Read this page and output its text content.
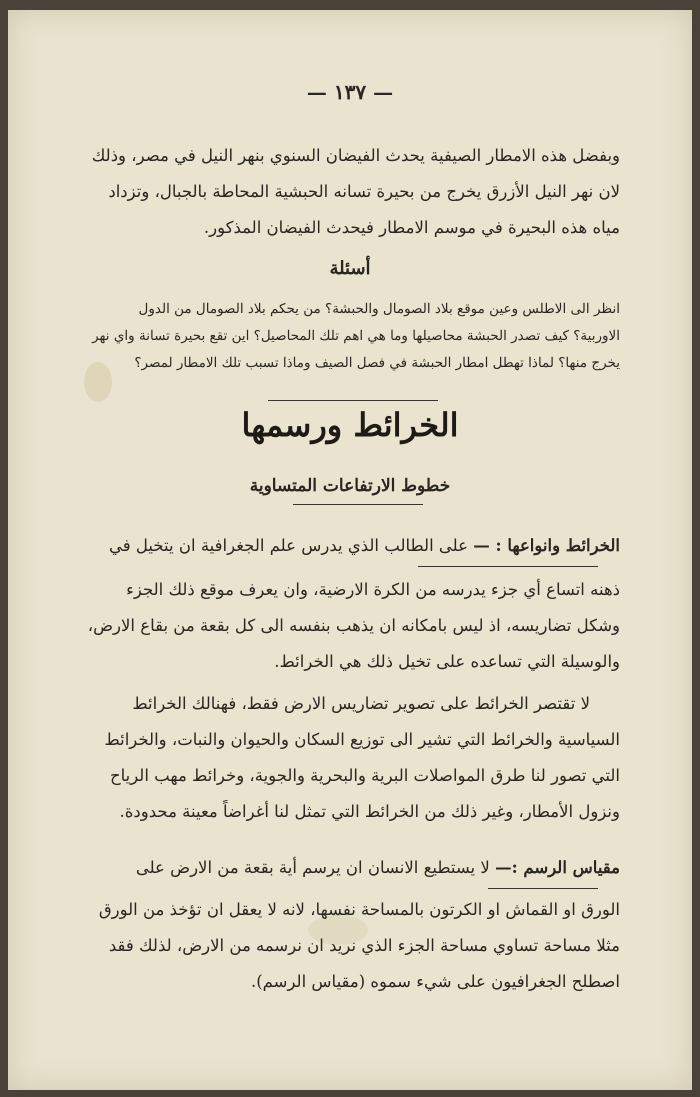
— ١٣٧ —
وبفضل هذه الامطار الصيفية يحدث الفيضان السنوي بنهر النيل في مصر، وذلك لان نهر النيل الأزرق يخرج من بحيرة تسانه الحبشية المحاطة بالجبال، وتزداد مياه هذه البحيرة في موسم الامطار فيحدث الفيضان المذكور.
أسئلة
انظر الى الاطلس وعين موقع بلاد الصومال والحبشة؟ من يحكم بلاد الصومال من الدول الاوربية؟ كيف تصدر الحبشة محاصيلها وما هي اهم تلك المحاصيل؟ اين تقع بحيرة تسانة واي نهر يخرج منها؟ لماذا تهطل امطار الحبشة في فصل الصيف وماذا تسبب تلك الامطار لمصر؟
الخرائط ورسمها
خطوط الارتفاعات المتساوية
الخرائط وانواعها : — على الطالب الذي يدرس علم الجغرافية ان يتخيل في
ذهنه اتساع أي جزء يدرسه من الكرة الارضية، وان يعرف موقع ذلك الجزء وشكل تضاريسه، اذ ليس بامكانه ان يذهب بنفسه الى كل بقعة من بقاع الارض، والوسيلة التي تساعده على تخيل ذلك هي الخرائط.
لا تقتصر الخرائط على تصوير تضاريس الارض فقط، فهنالك الخرائط السياسية والخرائط التي تشير الى توزيع السكان والحيوان والنبات، والخرائط التي تصور لنا طرق المواصلات البرية والبحرية والجوية، وخرائط مهب الرياح ونزول الأمطار، وغير ذلك من الخرائط التي تمثل لنا أغراضاً معينة محدودة.
مقياس الرسم :— لا يستطيع الانسان ان يرسم أية بقعة من الارض على
الورق او القماش او الكرتون بالمساحة نفسها، لانه لا يعقل ان تؤخذ من الورق مثلا مساحة تساوي مساحة الجزء الذي نريد ان نرسمه من الارض، لذلك فقد اصطلح الجغرافيون على شيء سموه (مقياس الرسم).
